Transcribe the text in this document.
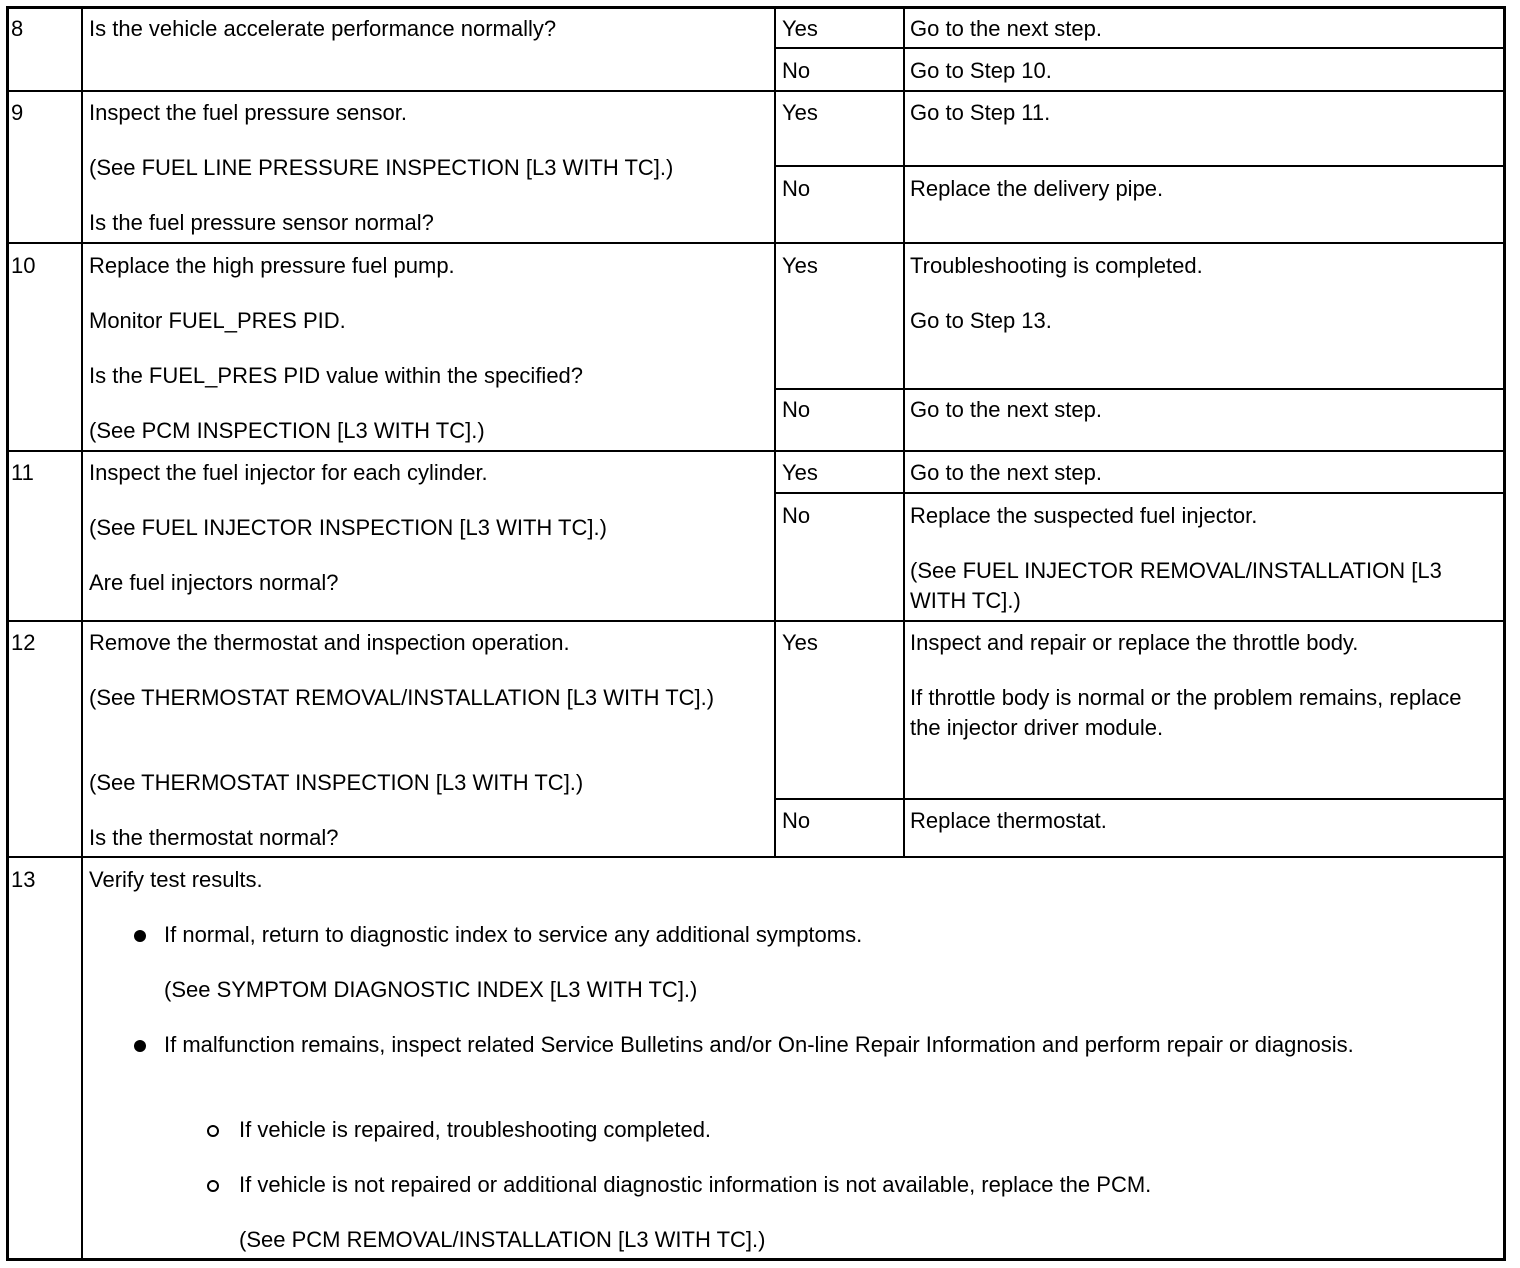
8	Is the vehicle accelerate performance normally?	Yes	Go to the next step.
No	Go to Step 10.
9	Inspect the fuel pressure sensor.
(See FUEL LINE PRESSURE INSPECTION [L3 WITH TC].)
Is the fuel pressure sensor normal?
Yes	Go to Step 11.
No	Replace the delivery pipe.
10 Replace the high pressure fuel pump.
Monitor FUEL_PRES PID.
Is the FUEL_PRES PID value within the specified?
(See PCM INSPECTION [L3 WITH TC].)
Yes	Troubleshooting is completed.
Go to Step 13.
No	Go to the next step.
11	Inspect the fuel injector for each cylinder.
(See FUEL INJECTOR INSPECTION [L3 WITH TC].)
Are fuel injectors normal?
Yes	Go to the next step.
No	Replace the suspected fuel injector.
(See FUEL INJECTOR REMOVAL/INSTALLATION [L3 WITH TC].)
12 Remove the thermostat and inspection operation.
(See THERMOSTAT REMOVAL/INSTALLATION [L3 WITH TC].)
(See THERMOSTAT INSPECTION [L3 WITH TC].)
Is the thermostat normal?
Yes	Inspect and repair or replace the throttle body.
If throttle body is normal or the problem remains, replace the injector driver module.
No	Replace thermostat.
13 Verify test results.
If normal, return to diagnostic index to service any additional symptoms.
(See SYMPTOM DIAGNOSTIC INDEX [L3 WITH TC].)
If malfunction remains, inspect related Service Bulletins and/or On-line Repair Information and perform repair or diagnosis.
If vehicle is repaired, troubleshooting completed.
If vehicle is not repaired or additional diagnostic information is not available, replace the PCM.
(See PCM REMOVAL/INSTALLATION [L3 WITH TC].)
